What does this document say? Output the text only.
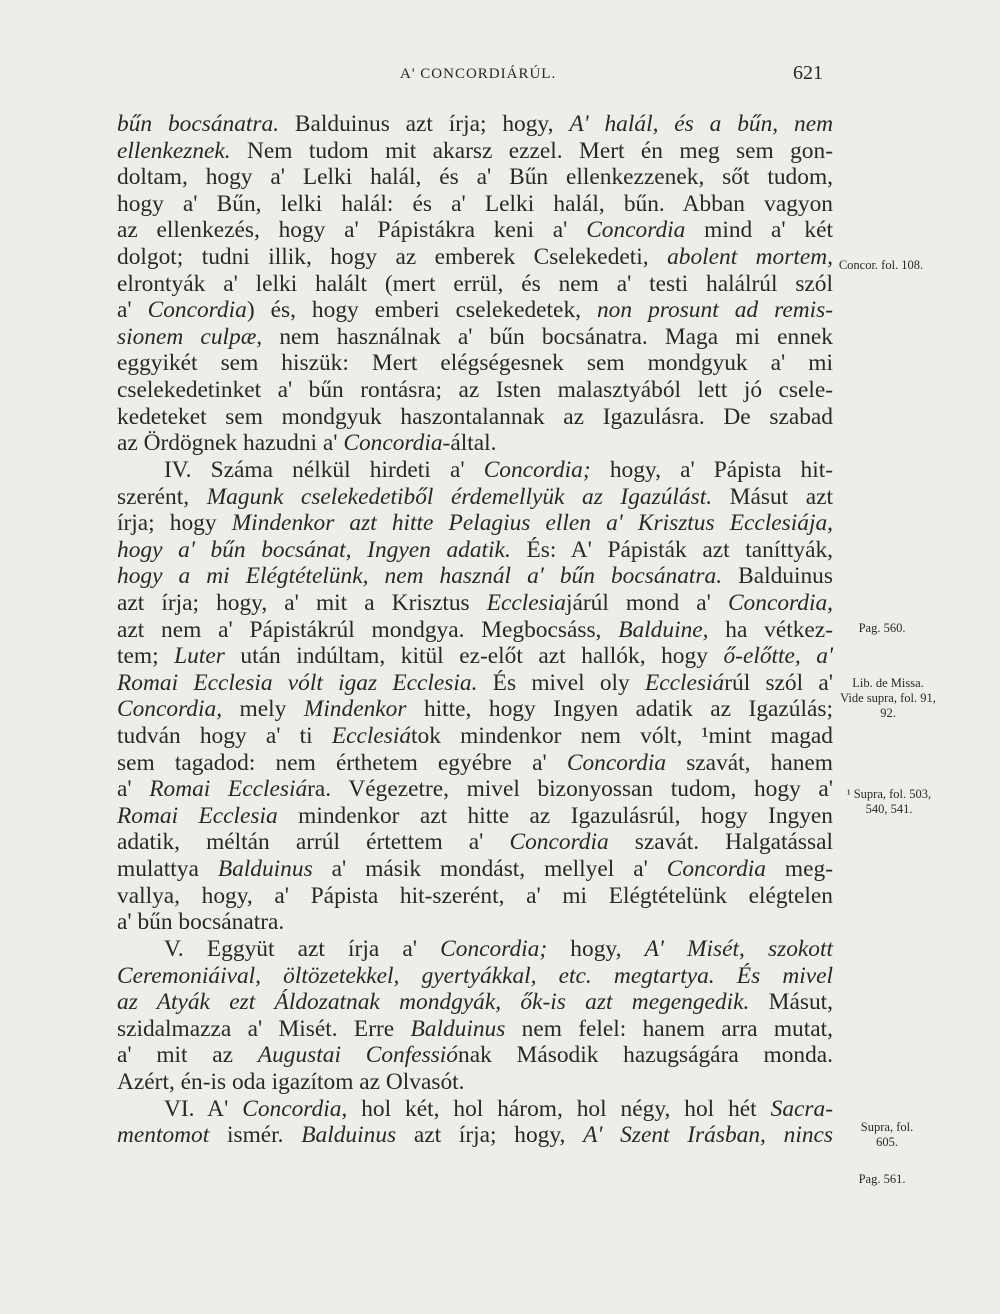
A' CONCORDIÁRÚL.	621
bűn bocsánatra. Balduinus azt írja; hogy, A' halál, és a bűn, nem
ellenkeznek. Nem tudom mit akarsz ezzel. Mert én meg sem gon-
doltam, hogy a' Lelki halál, és a' Bűn ellenkezzenek, sőt tudom,
hogy a' Bűn, lelki halál: és a' Lelki halál, bűn. Abban vagyon
az ellenkezés, hogy a' Pápistákra keni a' Concordia mind a' két
dolgot; tudni illik, hogy az emberek Cselekedeti, abolent mortem,
elrontyák a' lelki halált (mert errül, és nem a' testi halálrúl szól
a' Concordia) és, hogy emberi cselekedetek, non prosunt ad remis-
sionem culpæ, nem használnak a' bűn bocsánatra. Maga mi ennek
eggyikét sem hiszük: Mert elégségesnek sem mondgyuk a' mi
cselekedetinket a' bűn rontásra; az Isten malasztyából lett jó csele-
kedeteket sem mondgyuk haszontalannak az Igazulásra. De szabad
az Ördögnek hazudni a' Concordia-által.
IV. Száma nélkül hirdeti a' Concordia; hogy, a' Pápista hit-
szerént, Magunk cselekedetiből érdemellyük az Igazúlást. Másut azt
írja; hogy Mindenkor azt hitte Pelagius ellen a' Krisztus Ecclesiája,
hogy a' bűn bocsánat, Ingyen adatik. És: A' Pápisták azt taníttyák,
hogy a mi Elégtételünk, nem használ a' bűn bocsánatra. Balduinus
azt írja; hogy, a' mit a Krisztus Ecclesiajárúl mond a' Concordia,
azt nem a' Pápistákrúl mondgya. Megbocsáss, Balduine, ha vétkez-
tem; Luter után indúltam, kitül ez-előt azt hallók, hogy ő-előtte, a'
Romai Ecclesia vólt igaz Ecclesia. És mivel oly Ecclesiárúl szól a'
Concordia, mely Mindenkor hitte, hogy Ingyen adatik az Igazúlás;
tudván hogy a' ti Ecclesiátok mindenkor nem vólt, ¹mint magad
sem tagadod: nem érthetem egyébre a' Concordia szavát, hanem
a' Romai Ecclesiára. Végezetre, mivel bizonyossan tudom, hogy a'
Romai Ecclesia mindenkor azt hitte az Igazulásrúl, hogy Ingyen
adatik, méltán arrúl értettem a' Concordia szavát. Halgatással
mulattya Balduinus a' másik mondást, mellyel a' Concordia meg-
vallya, hogy, a' Pápista hit-szerént, a' mi Elégtételünk elégtelen
a' bűn bocsánatra.
V. Eggyüt azt írja a' Concordia; hogy, A' Misét, szokott
Ceremoniáival, öltözetekkel, gyertyákkal, etc. megtartya. És mivel
az Atyák ezt Áldozatnak mondgyák, ők-is azt megengedik. Másut,
szidalmazza a' Misét. Erre Balduinus nem felel: hanem arra mutat,
a' mit az Augustai Confessiónak Második hazugságára monda.
Azért, én-is oda igazítom az Olvasót.
VI. A' Concordia, hol két, hol három, hol négy, hol hét Sacra-
mentomot ismér. Balduinus azt írja; hogy, A' Szent Irásban, nincs
Concor. fol. 108.
Pag. 560.
Lib. de Missa. Vide supra, fol. 91, 92.
¹ Supra, fol. 503, 540, 541.
Supra, fol. 605.
Pag. 561.
